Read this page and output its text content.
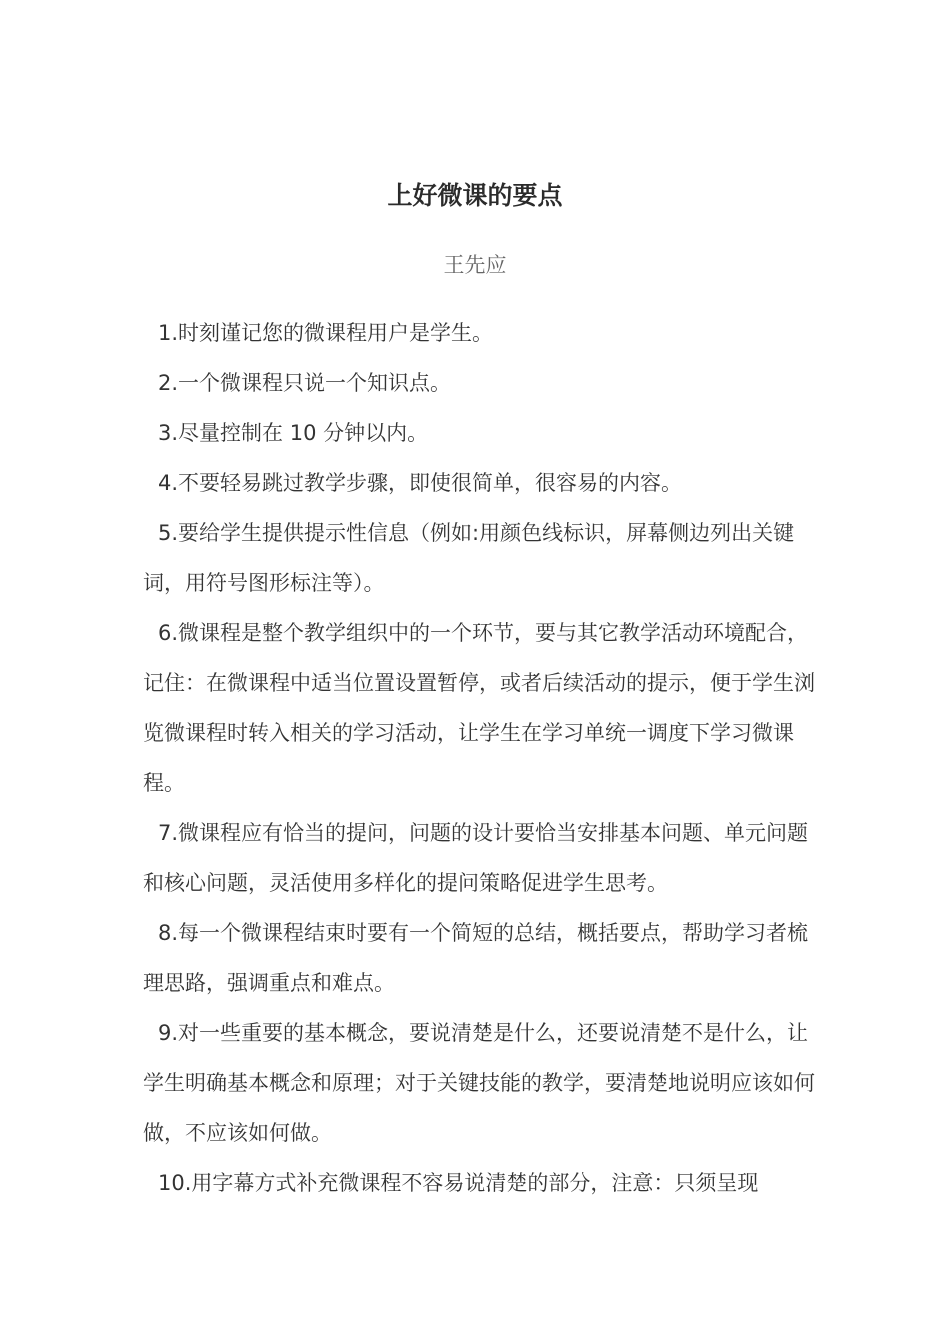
上好微课的要点
王先应

1.时刻谨记您的微课程用户是学生。

2.一个微课程只说一个知识点。

3.尽量控制在 10 分钟以内。

4.不要轻易跳过教学步骤，即使很简单，很容易的内容。

5.要给学生提供提示性信息（例如:用颜色线标识，屏幕侧边列出关键词，用符号图形标注等）。

6.微课程是整个教学组织中的一个环节，要与其它教学活动环境配合，记住：在微课程中适当位置设置暂停，或者后续活动的提示，便于学生浏览微课程时转入相关的学习活动，让学生在学习单统一调度下学习微课程。

7.微课程应有恰当的提问，问题的设计要恰当安排基本问题、单元问题和核心问题，灵活使用多样化的提问策略促进学生思考。

8.每一个微课程结束时要有一个简短的总结，概括要点，帮助学习者梳理思路，强调重点和难点。

9.对一些重要的基本概念，要说清楚是什么，还要说清楚不是什么，让学生明确基本概念和原理；对于关键技能的教学，要清楚地说明应该如何做，不应该如何做。

10.用字幕方式补充微课程不容易说清楚的部分，注意：只须呈现
